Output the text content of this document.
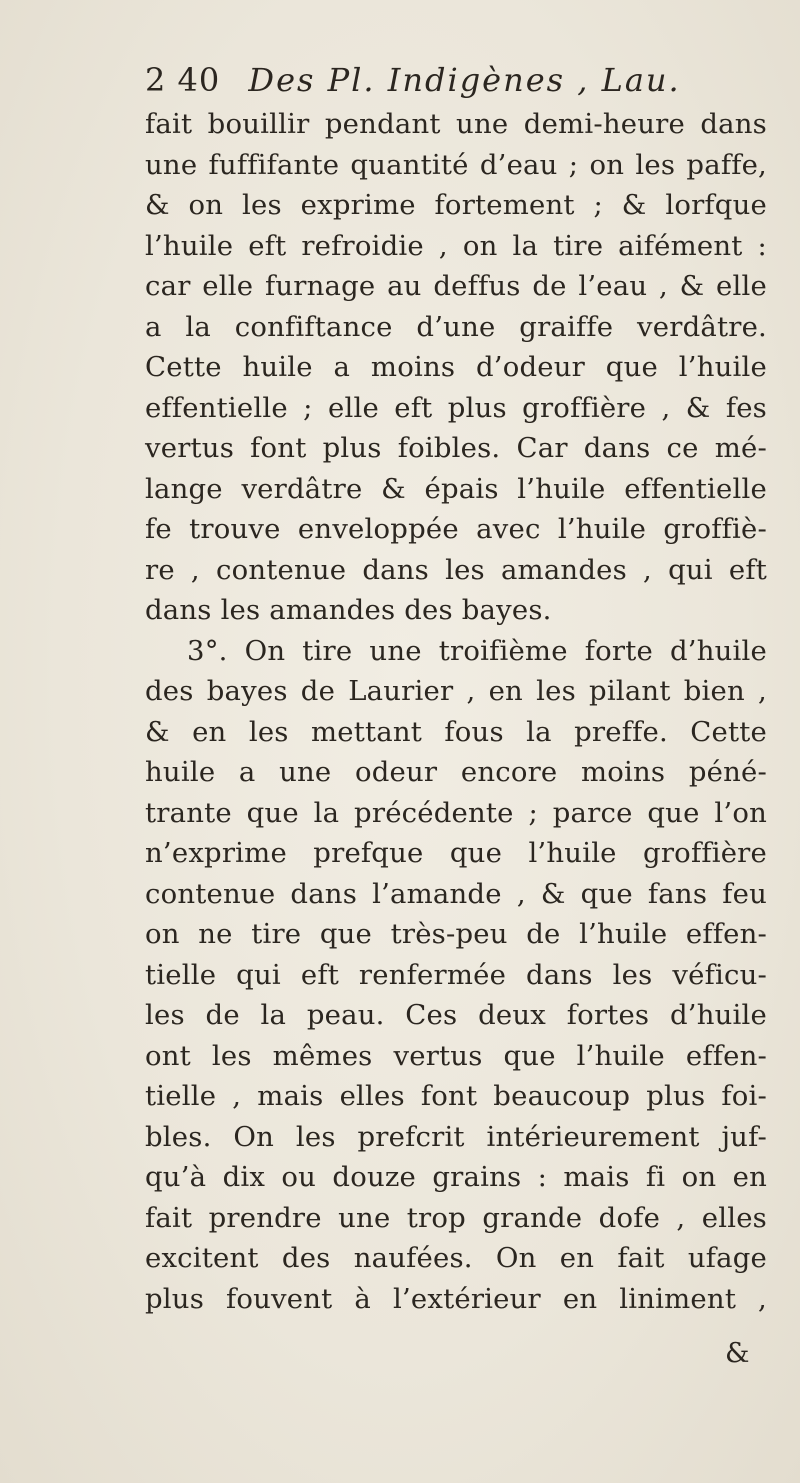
2 40 Des Pl. Indigènes , Lau.
fait bouillir pendant une demi-heure dans
une fuffifante quantité d’eau ; on les paffe,
& on les exprime fortement ; & lorfque
l’huile eft refroidie , on la tire aifément :
car elle furnage au deffus de l’eau , & elle
a la confiftance d’une graiffe verdâtre.
Cette huile a moins d’odeur que l’huile
effentielle ; elle eft plus groffière , & fes
vertus font plus foibles. Car dans ce mé-
lange verdâtre & épais l’huile effentielle
fe trouve enveloppée avec l’huile groffiè-
re , contenue dans les amandes , qui eft
dans les amandes des bayes.
3°. On tire une troifième forte d’huile
des bayes de Laurier , en les pilant bien ,
& en les mettant fous la preffe. Cette
huile a une odeur encore moins péné-
trante que la précédente ; parce que l’on
n’exprime prefque que l’huile groffière
contenue dans l’amande , & que fans feu
on ne tire que très-peu de l’huile effen-
tielle qui eft renfermée dans les véficu-
les de la peau. Ces deux fortes d’huile
ont les mêmes vertus que l’huile effen-
tielle , mais elles font beaucoup plus foi-
bles. On les prefcrit intérieurement juf-
qu’à dix ou douze grains : mais fi on en
fait prendre une trop grande dofe , elles
excitent des naufées. On en fait ufage
plus fouvent à l’extérieur en liniment ,
&
